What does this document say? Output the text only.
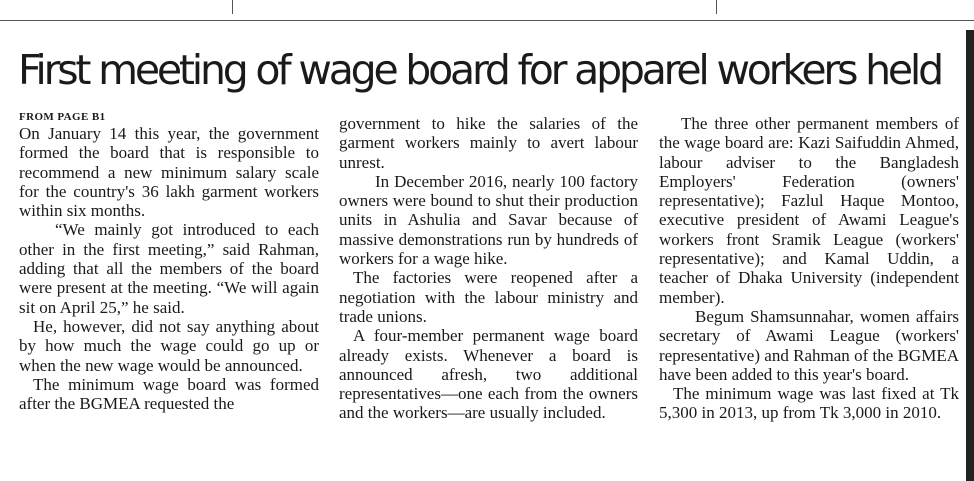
First meeting of wage board for apparel workers held
FROM PAGE B1

On January 14 this year, the government formed the board that is responsible to recommend a new minimum salary scale for the country's 36 lakh garment workers within six months.

“We mainly got introduced to each other in the first meeting,” said Rahman, adding that all the members of the board were present at the meeting. “We will again sit on April 25,” he said.

He, however, did not say anything about by how much the wage could go up or when the new wage would be announced.

The minimum wage board was formed after the BGMEA requested the

government to hike the salaries of the garment workers mainly to avert labour unrest.

In December 2016, nearly 100 factory owners were bound to shut their production units in Ashulia and Savar because of massive demonstrations run by hundreds of workers for a wage hike.

The factories were reopened after a negotiation with the labour ministry and trade unions.

A four-member permanent wage board already exists. Whenever a board is announced afresh, two additional representatives—one each from the owners and the workers—are usually included.

The three other permanent members of the wage board are: Kazi Saifuddin Ahmed, labour adviser to the Bangladesh Employers' Federation (owners' representative); Fazlul Haque Montoo, executive president of Awami League's workers front Sramik League (workers' representative); and Kamal Uddin, a teacher of Dhaka University (independent member).

Begum Shamsunnahar, women affairs secretary of Awami League (workers' representative) and Rahman of the BGMEA have been added to this year's board.

The minimum wage was last fixed at Tk 5,300 in 2013, up from Tk 3,000 in 2010.
